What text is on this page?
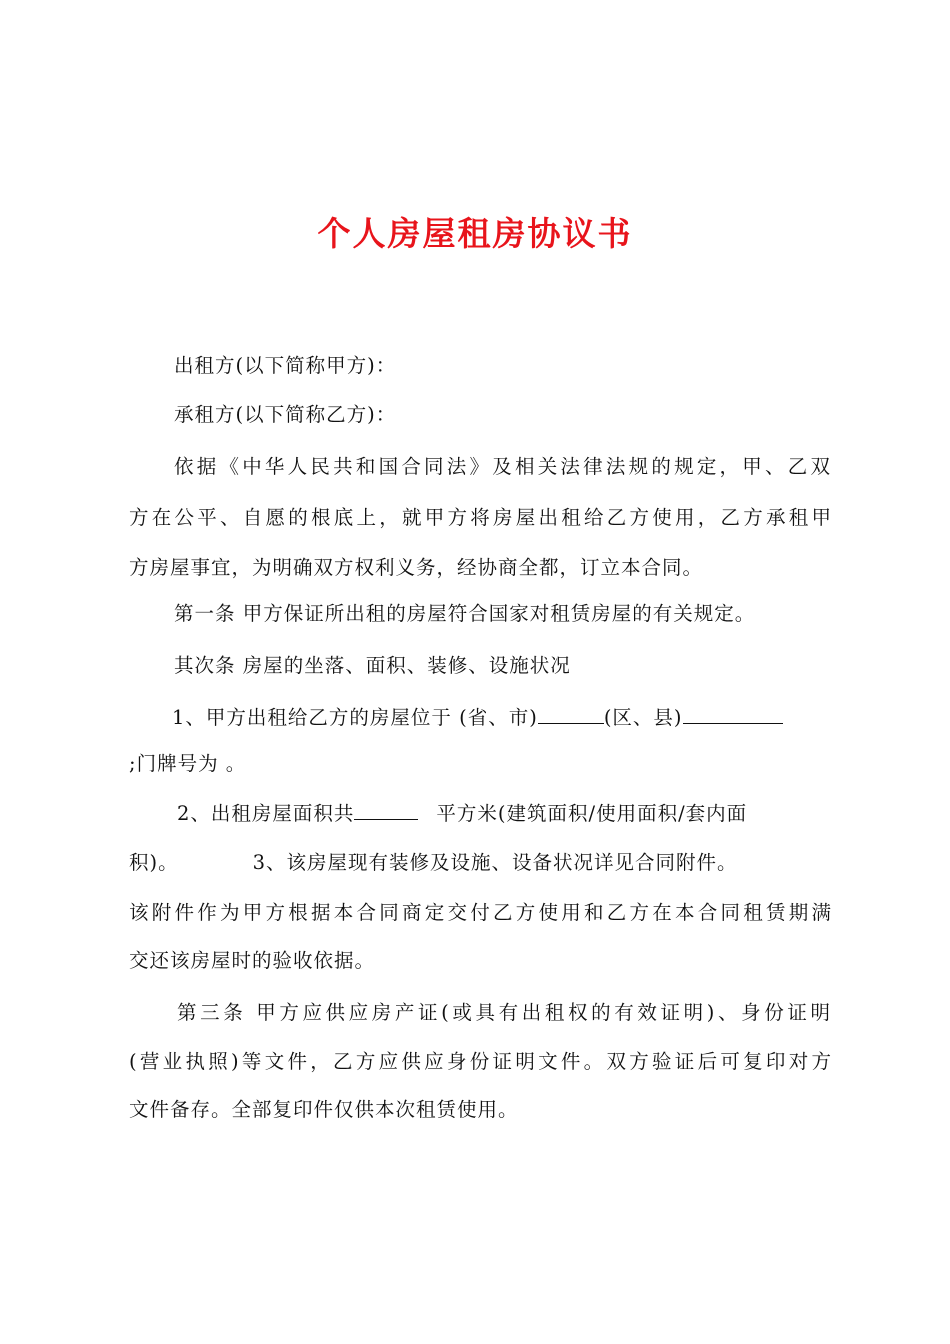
个人房屋租房协议书
出租方(以下简称甲方)：
承租方(以下简称乙方)：
依据《中华人民共和国合同法》及相关法律法规的规定，甲、乙双
方在公平、自愿的根底上，就甲方将房屋出租给乙方使用，乙方承租甲
方房屋事宜，为明确双方权利义务，经协商全都，订立本合同。
第一条 甲方保证所出租的房屋符合国家对租赁房屋的有关规定。
其次条 房屋的坐落、面积、装修、设施状况
1、甲方出租给乙方的房屋位于 (省、市)	(区、县)
;门牌号为 。
2、出租房屋面积共	平方米(建筑面积/使用面积/套内面
积)。	3、该房屋现有装修及设施、设备状况详见合同附件。
该附件作为甲方根据本合同商定交付乙方使用和乙方在本合同租赁期满
交还该房屋时的验收依据。
第三条 甲方应供应房产证(或具有出租权的有效证明)、身份证明
(营业执照)等文件，乙方应供应身份证明文件。双方验证后可复印对方
文件备存。全部复印件仅供本次租赁使用。
